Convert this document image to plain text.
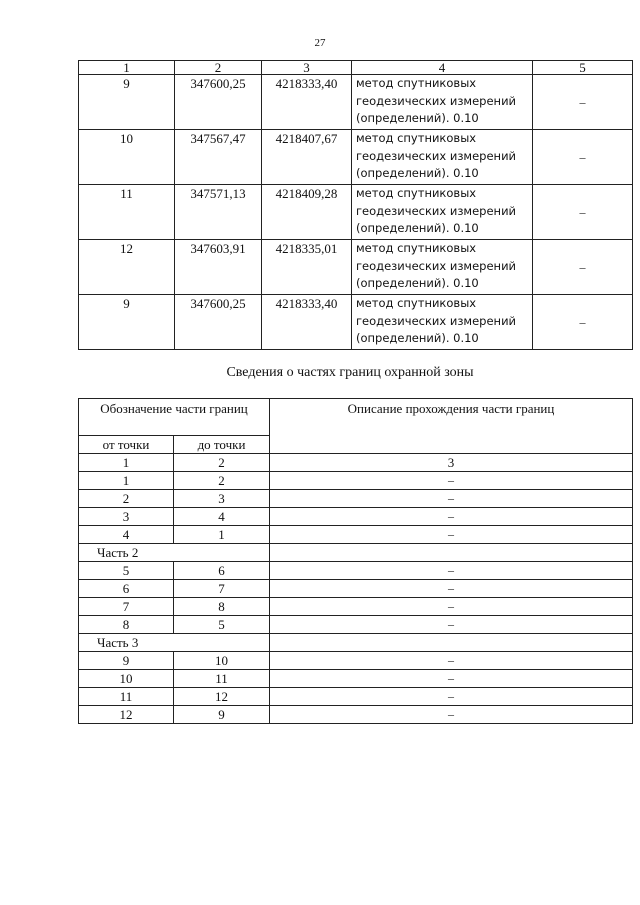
27
1	2	3	4	5
9	347600,25	4218333,40	метод спутниковых
геодезических измерений
(определений). 0.10	–
10	347567,47	4218407,67	метод спутниковых
геодезических измерений
(определений). 0.10	–
11	347571,13	4218409,28	метод спутниковых
геодезических измерений
(определений). 0.10	–
12	347603,91	4218335,01	метод спутниковых
геодезических измерений
(определений). 0.10	–
9	347600,25	4218333,40	метод спутниковых
геодезических измерений
(определений). 0.10	–
Сведения о частях границ охранной зоны
Обозначение части границ		Описание прохождения части границ
от точки	до точки	
1	2	3
1	2	–
2	3	–
3	4	–
4	1	–
Часть 2		
5	6	–
6	7	–
7	8	–
8	5	–
Часть 3		
9	10	–
10	11	–
11	12	–
12	9	–
